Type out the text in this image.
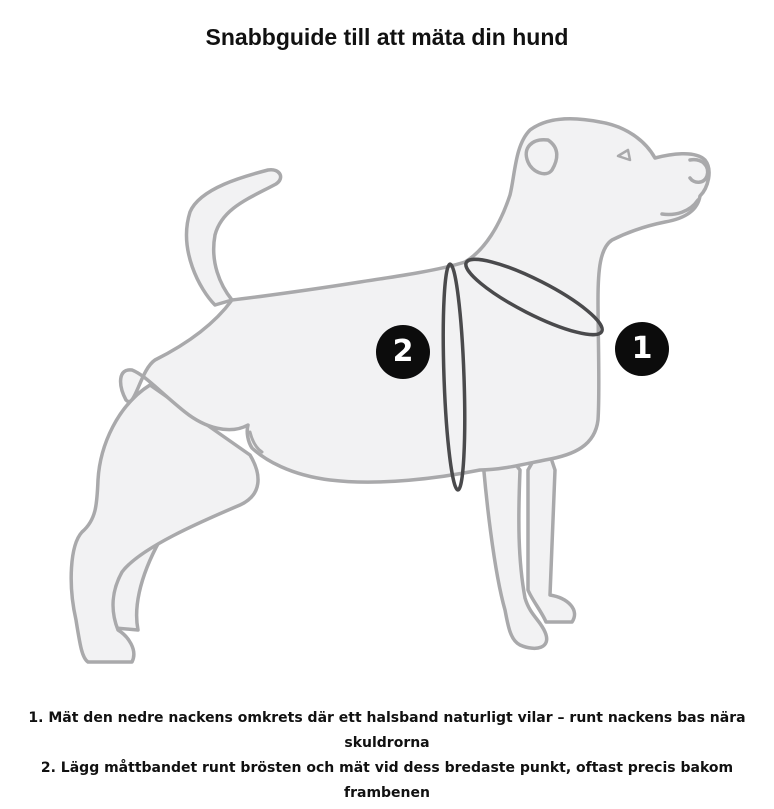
Snabbguide till att mäta din hund
1
2
1. Mät den nedre nackens omkrets där ett halsband naturligt vilar – runt nackens bas nära skuldrorna
2. Lägg måttbandet runt brösten och mät vid dess bredaste punkt, oftast precis bakom frambenen
